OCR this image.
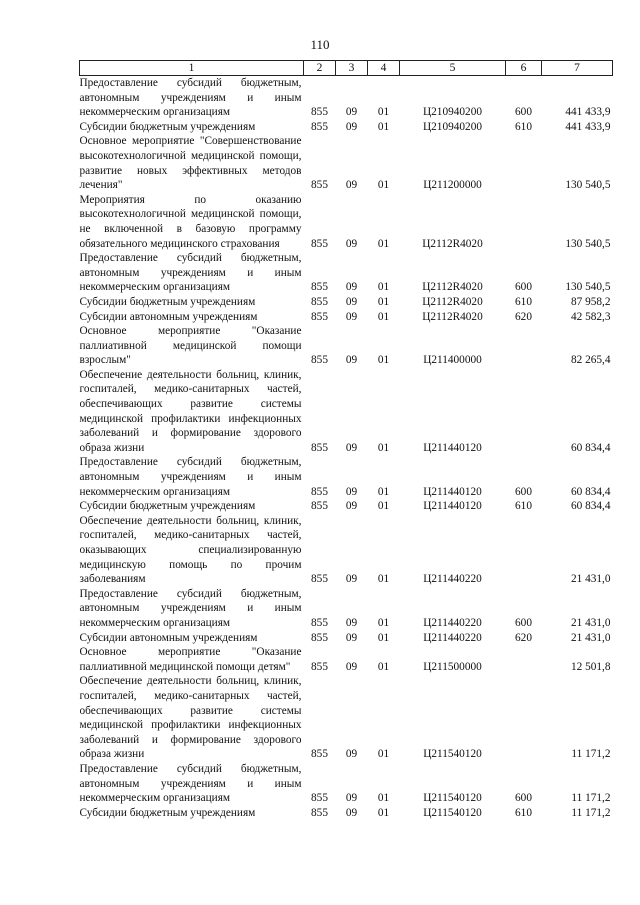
110
1	2	3	4	5	6	7
Предоставление субсидий бюджетным, автономным учреждениям и иным некоммерческим организациям	855	09	01	Ц210940200	600	441 433,9
Субсидии бюджетным учреждениям	855	09	01	Ц210940200	610	441 433,9
Основное мероприятие "Совершенствование высокотехнологичной медицинской помощи, развитие новых эффективных методов лечения"	855	09	01	Ц211200000		130 540,5
Мероприятия по оказанию высокотехнологичной медицинской помощи, не включенной в базовую программу обязательного медицинского страхования	855	09	01	Ц2112R4020		130 540,5
Предоставление субсидий бюджетным, автономным учреждениям и иным некоммерческим организациям	855	09	01	Ц2112R4020	600	130 540,5
Субсидии бюджетным учреждениям	855	09	01	Ц2112R4020	610	87 958,2
Субсидии автономным учреждениям	855	09	01	Ц2112R4020	620	42 582,3
Основное мероприятие "Оказание паллиативной медицинской помощи взрослым"	855	09	01	Ц211400000		82 265,4
Обеспечение деятельности больниц, клиник, госпиталей, медико-санитарных частей, обеспечивающих развитие системы медицинской профилактики инфекционных заболеваний и формирование здорового образа жизни	855	09	01	Ц211440120		60 834,4
Предоставление субсидий бюджетным, автономным учреждениям и иным некоммерческим организациям	855	09	01	Ц211440120	600	60 834,4
Субсидии бюджетным учреждениям	855	09	01	Ц211440120	610	60 834,4
Обеспечение деятельности больниц, клиник, госпиталей, медико-санитарных частей, оказывающих специализированную медицинскую помощь по прочим заболеваниям	855	09	01	Ц211440220		21 431,0
Предоставление субсидий бюджетным, автономным учреждениям и иным некоммерческим организациям	855	09	01	Ц211440220	600	21 431,0
Субсидии автономным учреждениям	855	09	01	Ц211440220	620	21 431,0
Основное мероприятие "Оказание паллиативной медицинской помощи детям"	855	09	01	Ц211500000		12 501,8
Обеспечение деятельности больниц, клиник, госпиталей, медико-санитарных частей, обеспечивающих развитие системы медицинской профилактики инфекционных заболеваний и формирование здорового образа жизни	855	09	01	Ц211540120		11 171,2
Предоставление субсидий бюджетным, автономным учреждениям и иным некоммерческим организациям	855	09	01	Ц211540120	600	11 171,2
Субсидии бюджетным учреждениям	855	09	01	Ц211540120	610	11 171,2
